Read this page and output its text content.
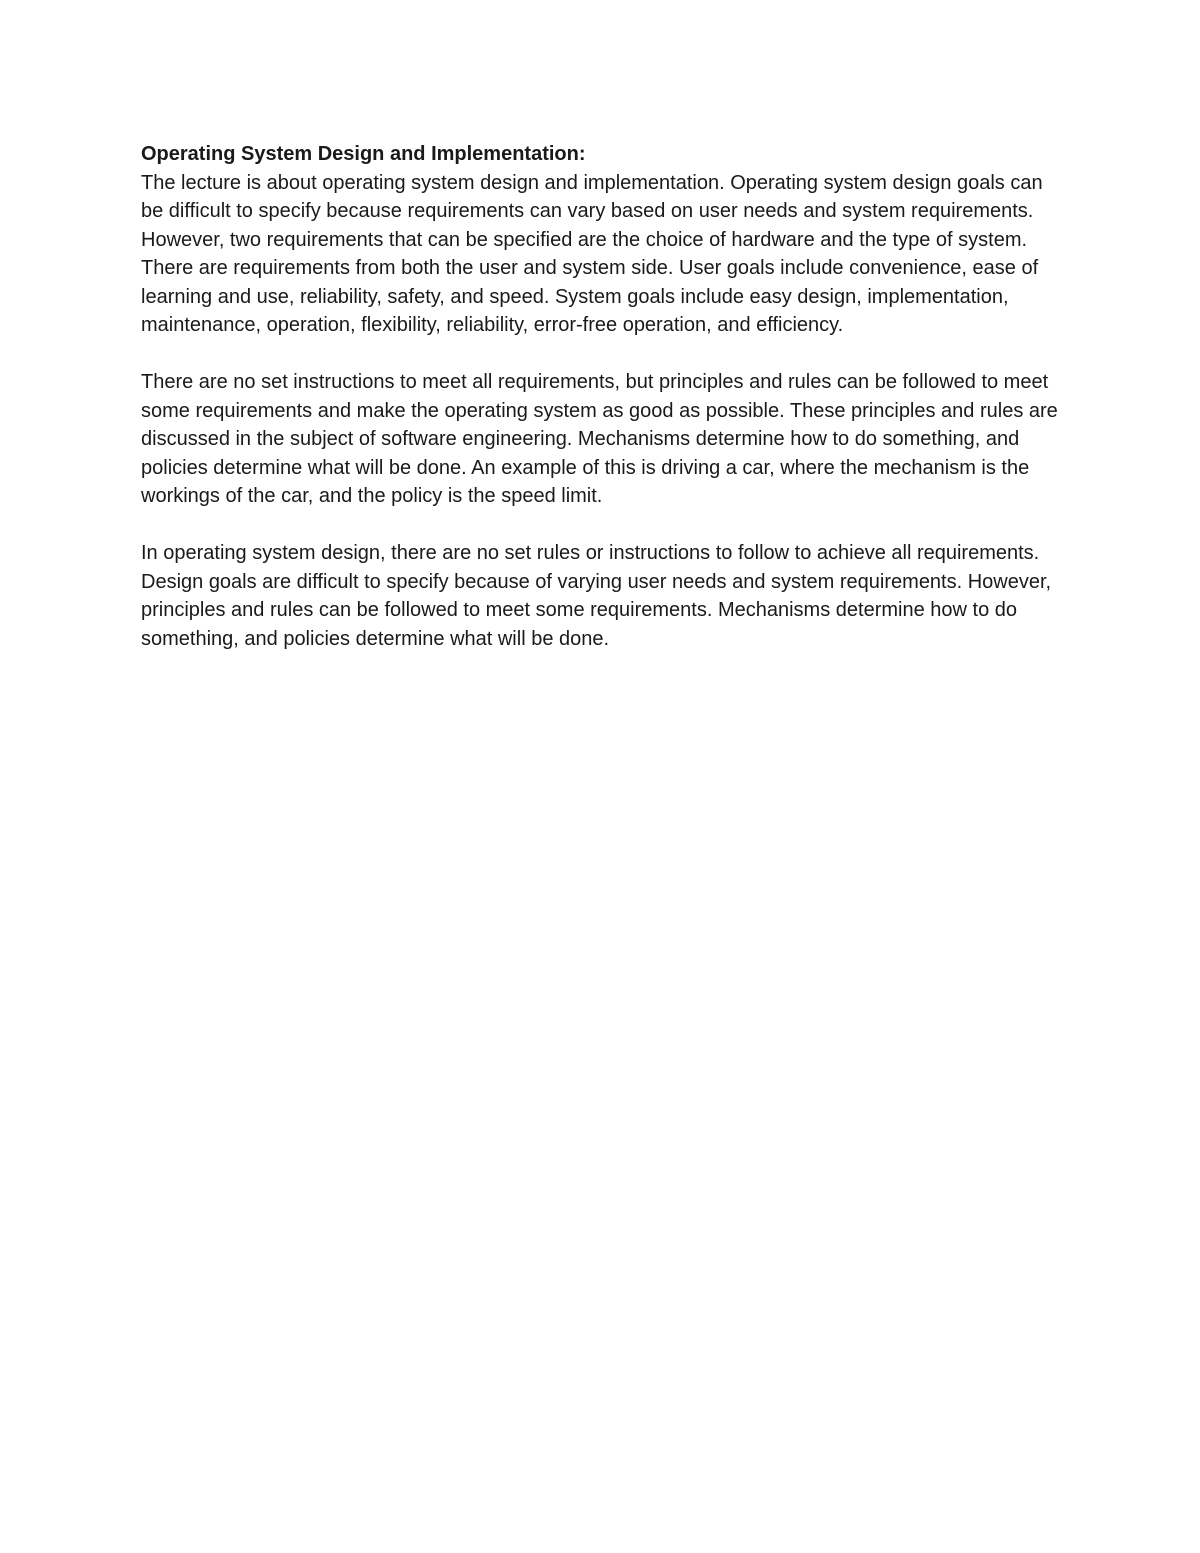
Operating System Design and Implementation:

The lecture is about operating system design and implementation. Operating system design goals can be difficult to specify because requirements can vary based on user needs and system requirements. However, two requirements that can be specified are the choice of hardware and the type of system. There are requirements from both the user and system side. User goals include convenience, ease of learning and use, reliability, safety, and speed. System goals include easy design, implementation, maintenance, operation, flexibility, reliability, error-free operation, and efficiency.

There are no set instructions to meet all requirements, but principles and rules can be followed to meet some requirements and make the operating system as good as possible. These principles and rules are discussed in the subject of software engineering. Mechanisms determine how to do something, and policies determine what will be done. An example of this is driving a car, where the mechanism is the workings of the car, and the policy is the speed limit.

In operating system design, there are no set rules or instructions to follow to achieve all requirements. Design goals are difficult to specify because of varying user needs and system requirements. However, principles and rules can be followed to meet some requirements. Mechanisms determine how to do something, and policies determine what will be done.
